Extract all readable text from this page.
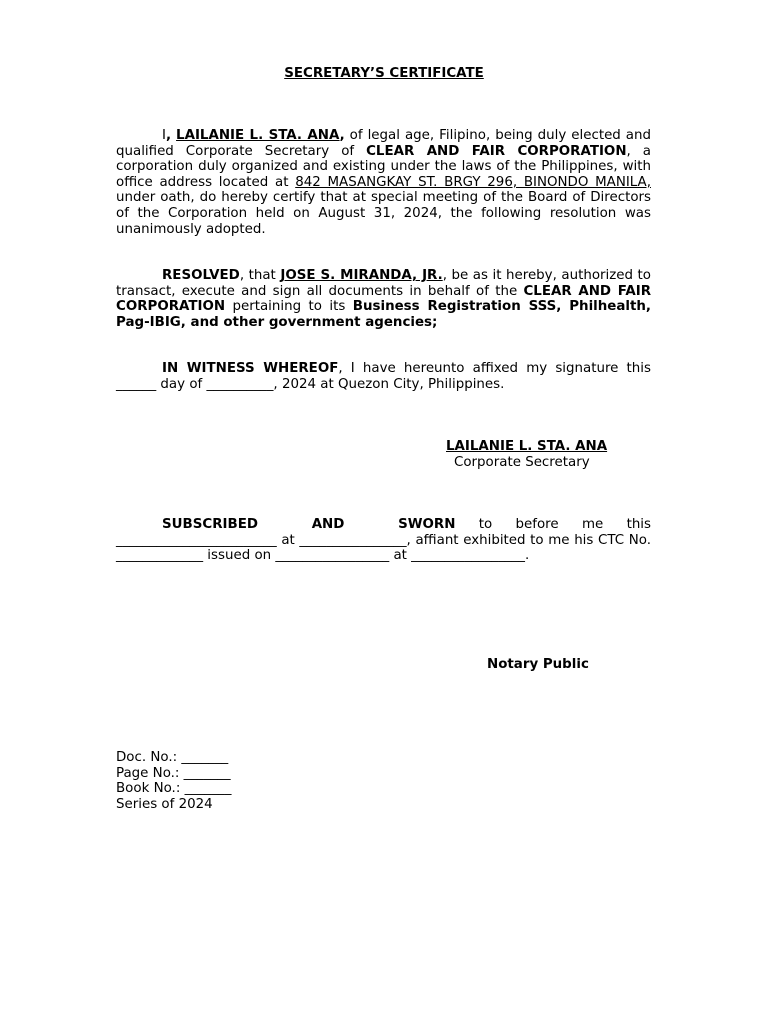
SECRETARY’S CERTIFICATE

I, LAILANIE L. STA. ANA, of legal age, Filipino, being duly elected and qualified Corporate Secretary of CLEAR AND FAIR CORPORATION, a corporation duly organized and existing under the laws of the Philippines, with office address located at 842 MASANGKAY ST. BRGY 296, BINONDO MANILA, under oath, do hereby certify that at special meeting of the Board of Directors of the Corporation held on August 31, 2024, the following resolution was unanimously adopted.

RESOLVED, that JOSE S. MIRANDA, JR., be as it hereby, authorized to transact, execute and sign all documents in behalf of the CLEAR AND FAIR CORPORATION pertaining to its Business Registration SSS, Philhealth, Pag-IBIG, and other government agencies;

IN WITNESS WHEREOF, I have hereunto affixed my signature this ______ day of __________, 2024 at Quezon City, Philippines.

LAILANIE L. STA. ANA
Corporate Secretary

SUBSCRIBED AND SWORN to before me this ________________________ at ________________, affiant exhibited to me his CTC No. _____________ issued on _________________ at _________________.

Notary Public
Doc. No.: _______
Page No.: _______
Book No.: _______
Series of 2024
